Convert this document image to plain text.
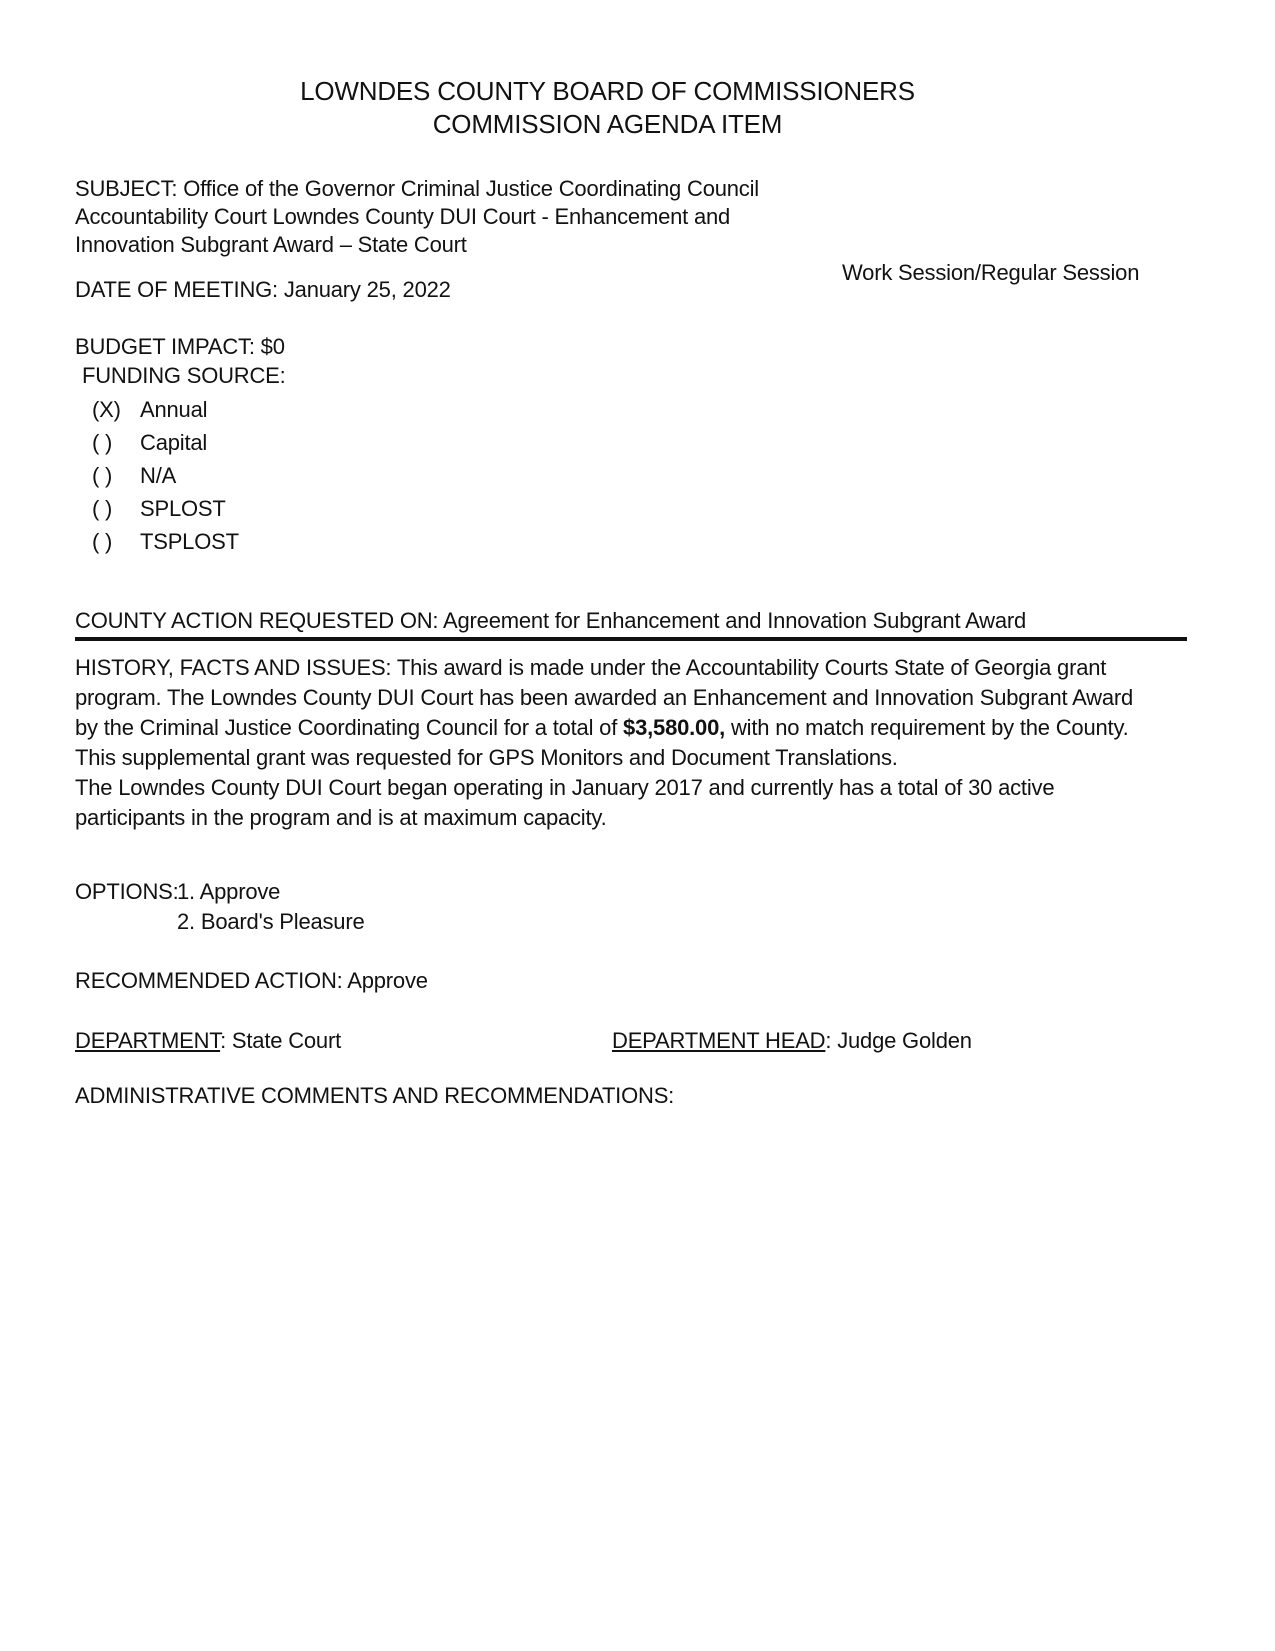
LOWNDES COUNTY BOARD OF COMMISSIONERS
COMMISSION AGENDA ITEM
SUBJECT: Office of the Governor Criminal Justice Coordinating Council
Accountability Court Lowndes County DUI Court - Enhancement and
Innovation Subgrant Award – State Court
Work Session/Regular Session
DATE OF MEETING: January 25, 2022
BUDGET IMPACT: $0
FUNDING SOURCE:
(X) Annual
( ) Capital
( ) N/A
( ) SPLOST
( ) TSPLOST
COUNTY ACTION REQUESTED ON: Agreement for Enhancement and Innovation Subgrant Award
HISTORY, FACTS AND ISSUES: This award is made under the Accountability Courts State of Georgia grant program. The Lowndes County DUI Court has been awarded an Enhancement and Innovation Subgrant Award by the Criminal Justice Coordinating Council for a total of $3,580.00, with no match requirement by the County. This supplemental grant was requested for GPS Monitors and Document Translations.
The Lowndes County DUI Court began operating in January 2017 and currently has a total of 30 active participants in the program and is at maximum capacity.
OPTIONS:
1. Approve
2. Board's Pleasure
RECOMMENDED ACTION: Approve
DEPARTMENT: State Court	DEPARTMENT HEAD: Judge Golden
ADMINISTRATIVE COMMENTS AND RECOMMENDATIONS:
